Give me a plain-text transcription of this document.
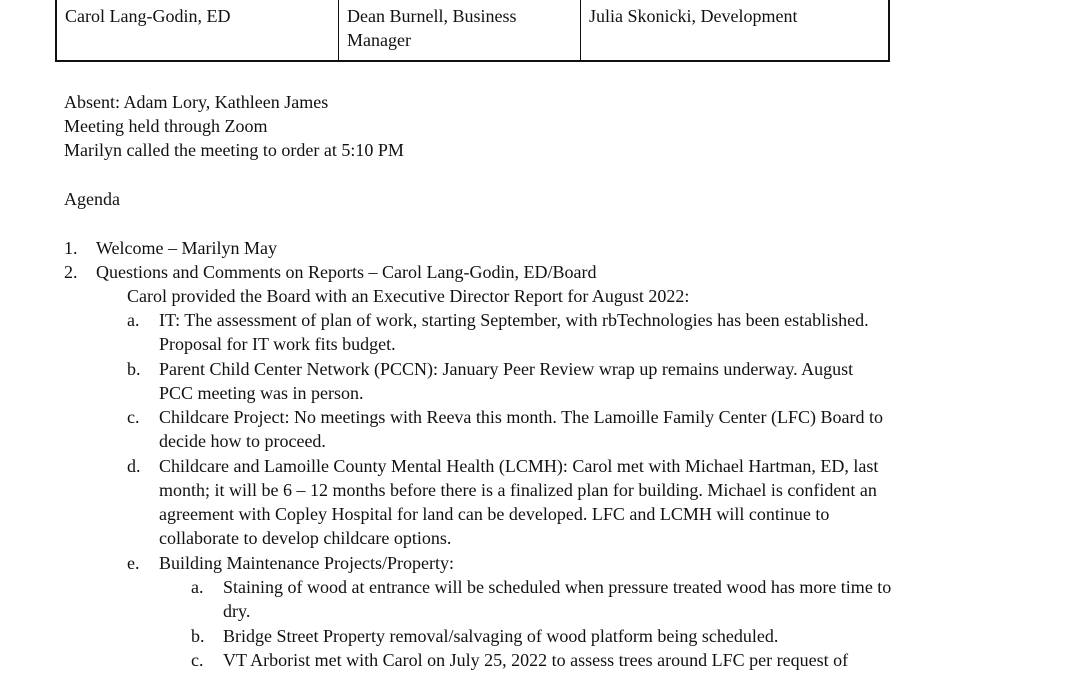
Carol Lang-Godin, ED	Dean Burnell, Business
Manager
Julia Skonicki, Development
Absent: Adam Lory, Kathleen James
Meeting held through Zoom
Marilyn called the meeting to order at 5:10 PM
Agenda
1. Welcome – Marilyn May
2. Questions and Comments on Reports – Carol Lang-Godin, ED/Board
Carol provided the Board with an Executive Director Report for August 2022:
a. IT: The assessment of plan of work, starting September, with rbTechnologies has been established.
Proposal for IT work fits budget.
b. Parent Child Center Network (PCCN): January Peer Review wrap up remains underway. August
PCC meeting was in person.
c. Childcare Project: No meetings with Reeva this month. The Lamoille Family Center (LFC) Board to
decide how to proceed.
d. Childcare and Lamoille County Mental Health (LCMH): Carol met with Michael Hartman, ED, last
month; it will be 6 – 12 months before there is a finalized plan for building. Michael is confident an
agreement with Copley Hospital for land can be developed. LFC and LCMH will continue to
collaborate to develop childcare options.
e. Building Maintenance Projects/Property:
a. Staining of wood at entrance will be scheduled when pressure treated wood has more time to
dry.
b. Bridge Street Property removal/salvaging of wood platform being scheduled.
c. VT Arborist met with Carol on July 25, 2022 to assess trees around LFC per request of
